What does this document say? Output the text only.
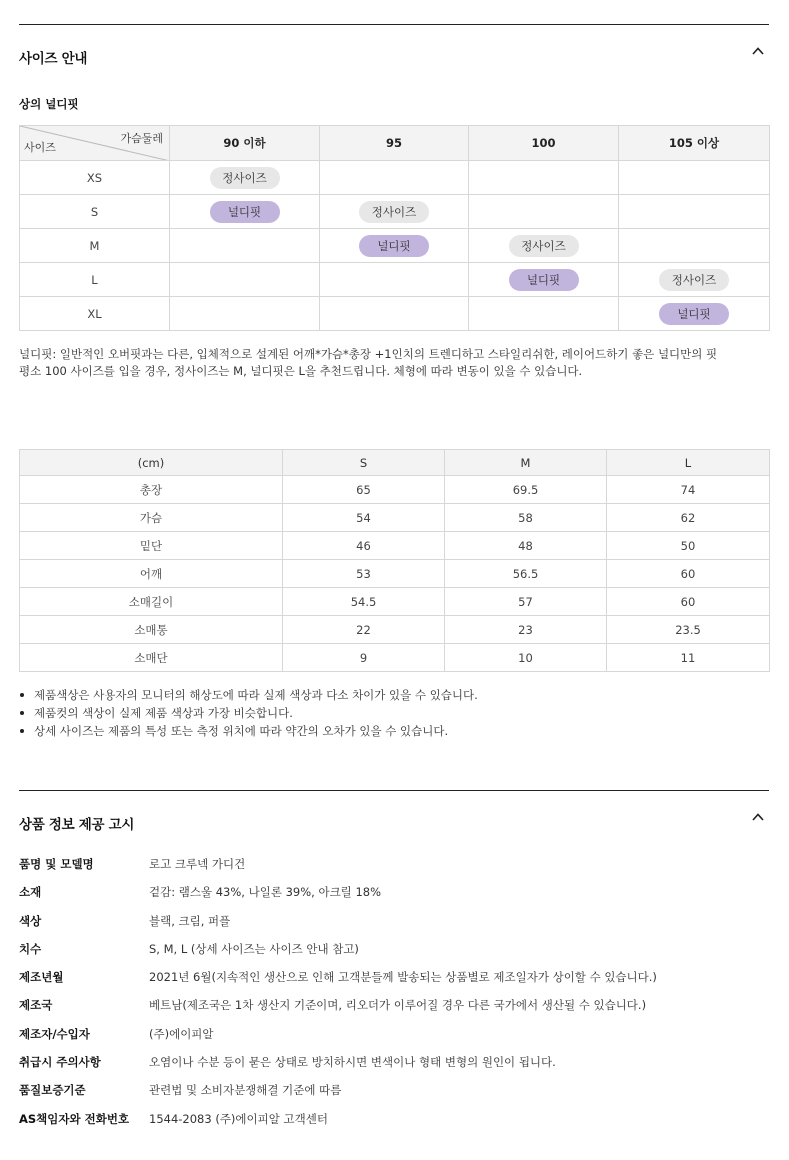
사이즈 안내
상의 널디핏
가슴둘레
사이즈	90 이하	95	100	105 이상
XS	정사이즈			
S	널디핏	정사이즈		
M		널디핏	정사이즈	
L			널디핏	정사이즈
XL				널디핏
널디핏: 일반적인 오버핏과는 다른, 입체적으로 설계된 어깨*가슴*총장 +1인치의 트렌디하고 스타일리쉬한, 레이어드하기 좋은 널디만의 핏
평소 100 사이즈를 입을 경우, 정사이즈는 M, 널디핏은 L을 추천드립니다. 체형에 따라 변동이 있을 수 있습니다.
(cm)	S	M	L
총장	65	69.5	74
가슴	54	58	62
밑단	46	48	50
어깨	53	56.5	60
소매길이	54.5	57	60
소매통	22	23	23.5
소매단	9	10	11
제품색상은 사용자의 모니터의 해상도에 따라 실제 색상과 다소 차이가 있을 수 있습니다.
제품컷의 색상이 실제 제품 색상과 가장 비슷합니다.
상세 사이즈는 제품의 특성 또는 측정 위치에 따라 약간의 오차가 있을 수 있습니다.
상품 정보 제공 고시
품명 및 모델명	로고 크루넥 가디건
소재	겉감: 램스울 43%, 나일론 39%, 아크릴 18%
색상	블랙, 크림, 퍼플
치수	S, M, L (상세 사이즈는 사이즈 안내 참고)
제조년월	2021년 6월(지속적인 생산으로 인해 고객분들께 발송되는 상품별로 제조일자가 상이할 수 있습니다.)
제조국	베트남(제조국은 1차 생산지 기준이며, 리오더가 이루어질 경우 다른 국가에서 생산될 수 있습니다.)
제조자/수입자	(주)에이피알
취급시 주의사항	오염이나 수분 등이 묻은 상태로 방치하시면 변색이나 형태 변형의 원인이 됩니다.
품질보증기준	관련법 및 소비자분쟁해결 기준에 따름
AS책임자와 전화번호 1544-2083 (주)에이피알 고객센터
